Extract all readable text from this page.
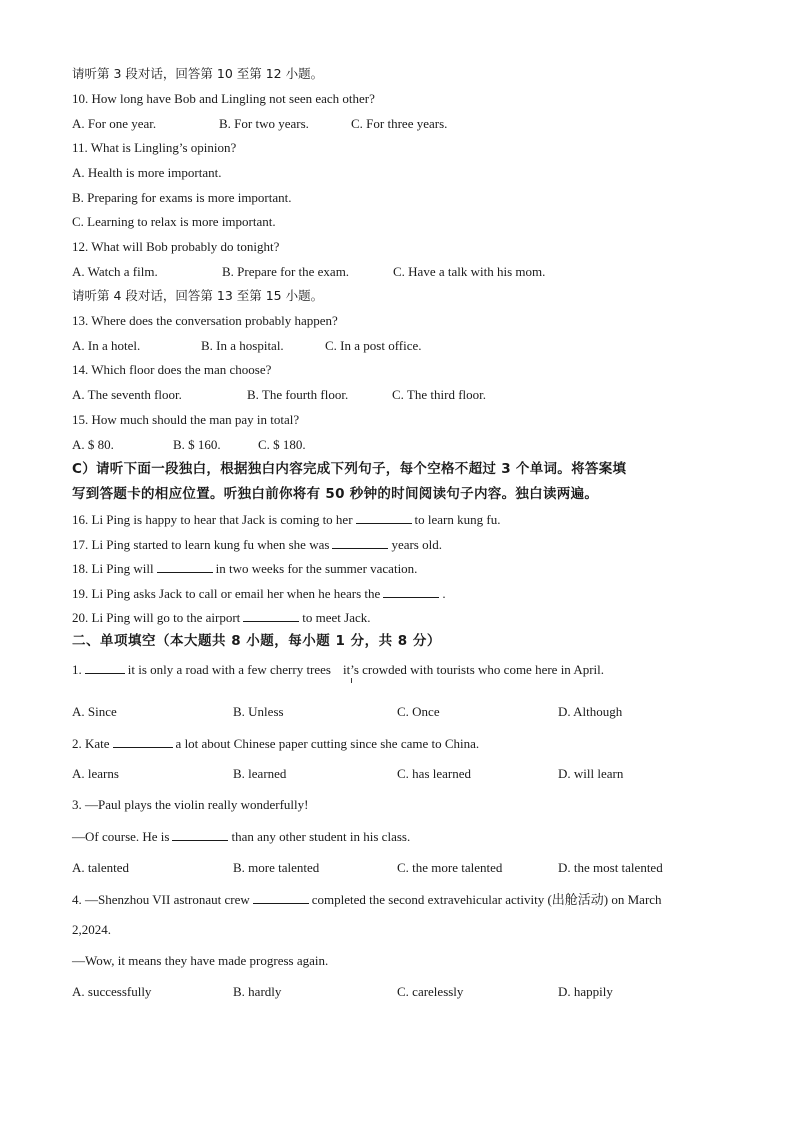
请听第 3 段对话，回答第 10 至第 12 小题。
10. How long have Bob and Lingling not seen each other?
A. For one year.	B. For two years.	C. For three years.
11. What is Lingling’s opinion?
A. Health is more important.
B. Preparing for exams is more important.
C. Learning to relax is more important.
12. What will Bob probably do tonight?
A. Watch a film.	B. Prepare for the exam.	C. Have a talk with his mom.
请听第 4 段对话，回答第 13 至第 15 小题。
13. Where does the conversation probably happen?
A. In a hotel.	B. In a hospital.	C. In a post office.
14. Which floor does the man choose?
A. The seventh floor.	B. The fourth floor.	C. The third floor.
15. How much should the man pay in total?
A. $ 80.	B. $ 160.	C. $ 180.
C）请听下面一段独白，根据独白内容完成下列句子，每个空格不超过 3 个单词。将答案填
写到答题卡的相应位置。听独白前你将有 50 秒钟的时间阅读句子内容。独白读两遍。
16. Li Ping is happy to hear that Jack is coming to her	to learn kung fu.
17. Li Ping started to learn kung fu when she was	years old.
18. Li Ping will	in two weeks for the summer vacation.
19. Li Ping asks Jack to call or email her when he hears the	.
20. Li Ping will go to the airport	to meet Jack.
二、单项填空（本大题共 8 小题，每小题 1 分，共 8 分）
1.	it is only a road with a few cherry trees it’s crowded with tourists who come here in April.
A. Since	B. Unless	C. Once	D. Although
2. Kate	a lot about Chinese paper cutting since she came to China.
A. learns	B. learned	C. has learned	D. will learn
3. —Paul plays the violin really wonderfully!
—Of course. He is	than any other student in his class.
A. talented	B. more talented	C. the more talented	D. the most talented
4. —Shenzhou VII astronaut crew	completed the second extravehicular activity (出舱活动) on March
2,2024.
—Wow, it means they have made progress again.
A. successfully	B. hardly	C. carelessly	D. happily
